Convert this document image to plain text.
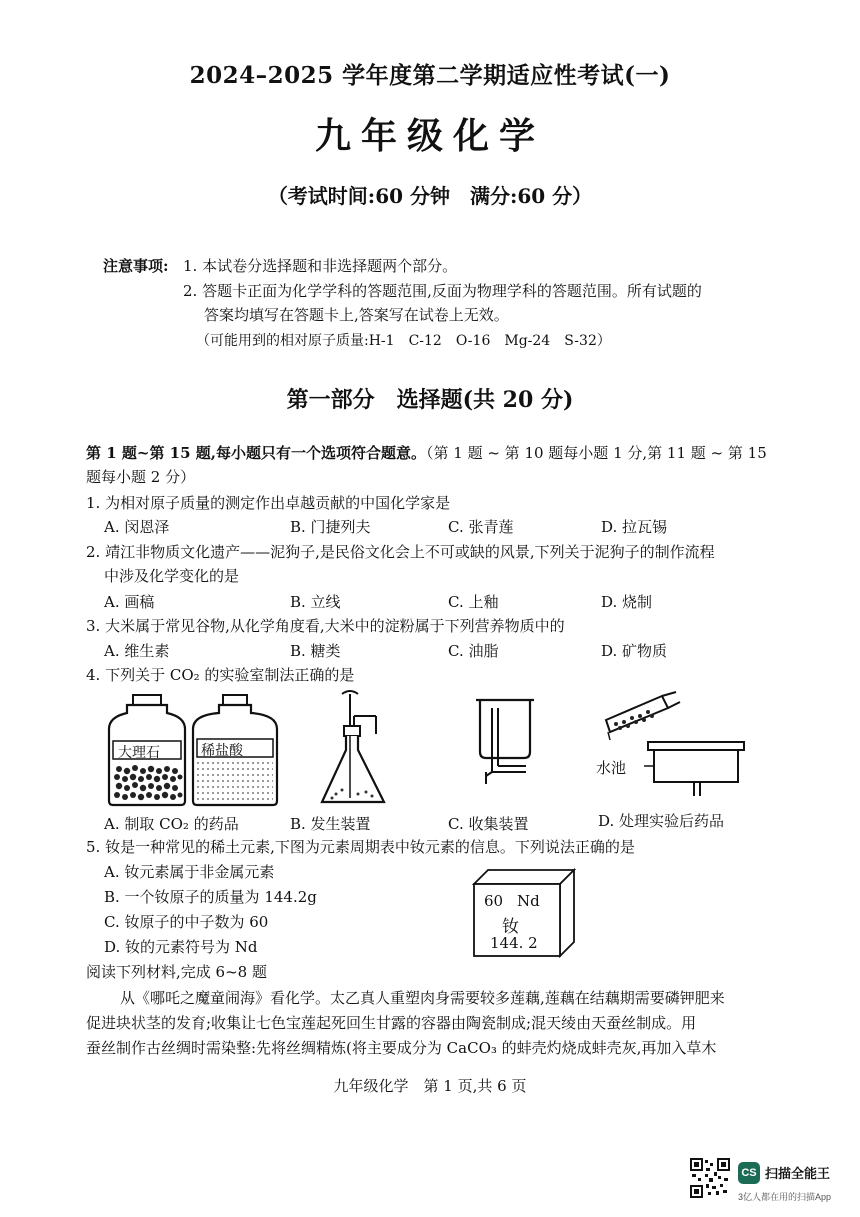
2024–2025 学年度第二学期适应性考试(一)
九年级化学
（考试时间:60 分钟　满分:60 分）
注意事项: 1. 本试卷分选择题和非选择题两个部分。
2. 答题卡正面为化学学科的答题范围,反面为物理学科的答题范围。所有试题的
答案均填写在答题卡上,答案写在试卷上无效。
（可能用到的相对原子质量:H-1　C-12　O-16　Mg-24　S-32）
第一部分　选择题(共 20 分)
第 1 题~第 15 题,每小题只有一个选项符合题意。（第 1 题 ~ 第 10 题每小题 1 分,第 11 题 ~ 第 15
题每小题 2 分）
1. 为相对原子质量的测定作出卓越贡献的中国化学家是
A. 闵恩泽	B. 门捷列夫	C. 张青莲	D. 拉瓦锡
2. 靖江非物质文化遗产——泥狗子,是民俗文化会上不可或缺的风景,下列关于泥狗子的制作流程
中涉及化学变化的是
A. 画稿	B. 立线	C. 上釉	D. 烧制
3. 大米属于常见谷物,从化学角度看,大米中的淀粉属于下列营养物质中的
A. 维生素	B. 糖类	C. 油脂	D. 矿物质
4. 下列关于 CO₂ 的实验室制法正确的是
大理石	稀盐酸
水池
A. 制取 CO₂ 的药品	B. 发生装置	C. 收集装置	D. 处理实验后药品
5. 钕是一种常见的稀土元素,下图为元素周期表中钕元素的信息。下列说法正确的是
A. 钕元素属于非金属元素
B. 一个钕原子的质量为 144.2g
C. 钕原子的中子数为 60
D. 钕的元素符号为 Nd
60 Nd
钕
144. 2
阅读下列材料,完成 6~8 题
从《哪吒之魔童闹海》看化学。太乙真人重塑肉身需要较多莲藕,莲藕在结藕期需要磷钾肥来
促进块状茎的发育;收集让七色宝莲起死回生甘露的容器由陶瓷制成;混天绫由天蚕丝制成。用
蚕丝制作古丝绸时需染整:先将丝绸精炼(将主要成分为 CaCO₃ 的蚌壳灼烧成蚌壳灰,再加入草木
九年级化学　第 1 页,共 6 页
CS 扫描全能王
3亿人都在用的扫描App
